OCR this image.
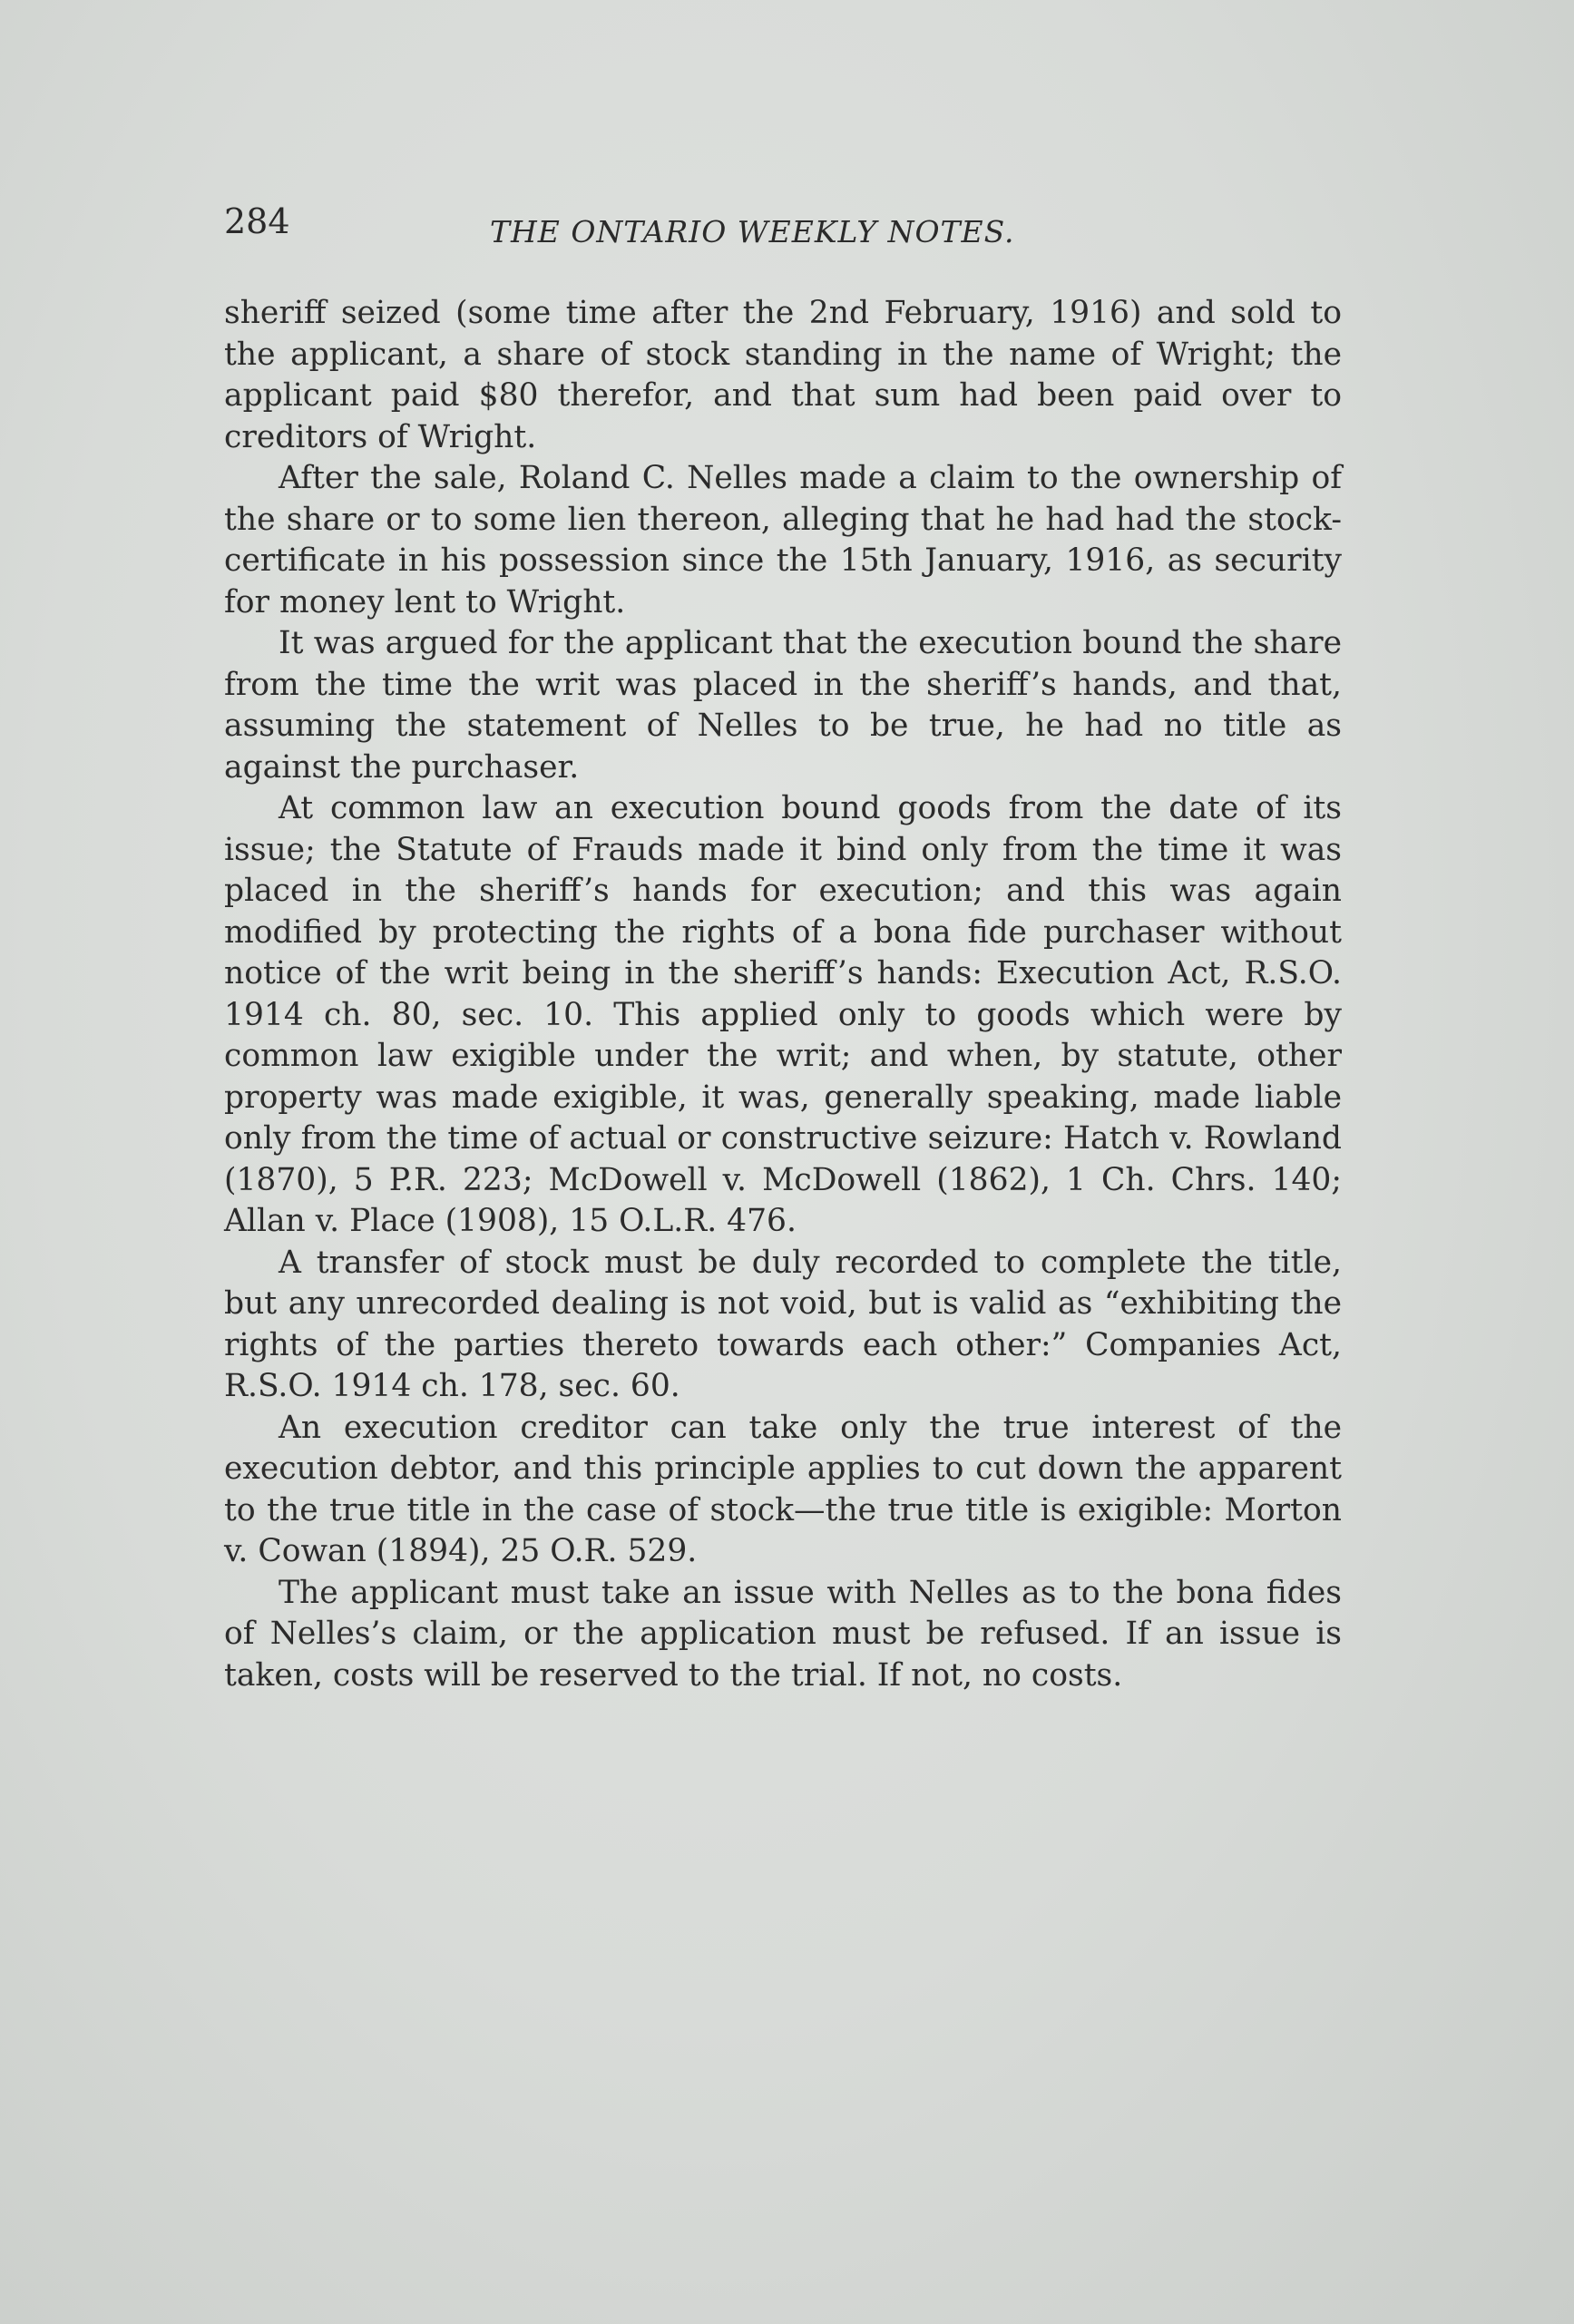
284	THE ONTARIO WEEKLY NOTES.

sheriff seized (some time after the 2nd February, 1916) and sold to the applicant, a share of stock standing in the name of Wright; the applicant paid $80 therefor, and that sum had been paid over to creditors of Wright.

After the sale, Roland C. Nelles made a claim to the ownership of the share or to some lien thereon, alleging that he had had the stock-certificate in his possession since the 15th January, 1916, as security for money lent to Wright.

It was argued for the applicant that the execution bound the share from the time the writ was placed in the sheriff’s hands, and that, assuming the statement of Nelles to be true, he had no title as against the purchaser.

At common law an execution bound goods from the date of its issue; the Statute of Frauds made it bind only from the time it was placed in the sheriff’s hands for execution; and this was again modified by protecting the rights of a bona fide purchaser without notice of the writ being in the sheriff’s hands: Execution Act, R.S.O. 1914 ch. 80, sec. 10. This applied only to goods which were by common law exigible under the writ; and when, by statute, other property was made exigible, it was, generally speaking, made liable only from the time of actual or constructive seizure: Hatch v. Rowland (1870), 5 P.R. 223; McDowell v. McDowell (1862), 1 Ch. Chrs. 140; Allan v. Place (1908), 15 O.L.R. 476.

A transfer of stock must be duly recorded to complete the title, but any unrecorded dealing is not void, but is valid as “exhibiting the rights of the parties thereto towards each other:” Companies Act, R.S.O. 1914 ch. 178, sec. 60.

An execution creditor can take only the true interest of the execution debtor, and this principle applies to cut down the apparent to the true title in the case of stock—the true title is exigible: Morton v. Cowan (1894), 25 O.R. 529.

The applicant must take an issue with Nelles as to the bona fides of Nelles’s claim, or the application must be refused. If an issue is taken, costs will be reserved to the trial. If not, no costs.
